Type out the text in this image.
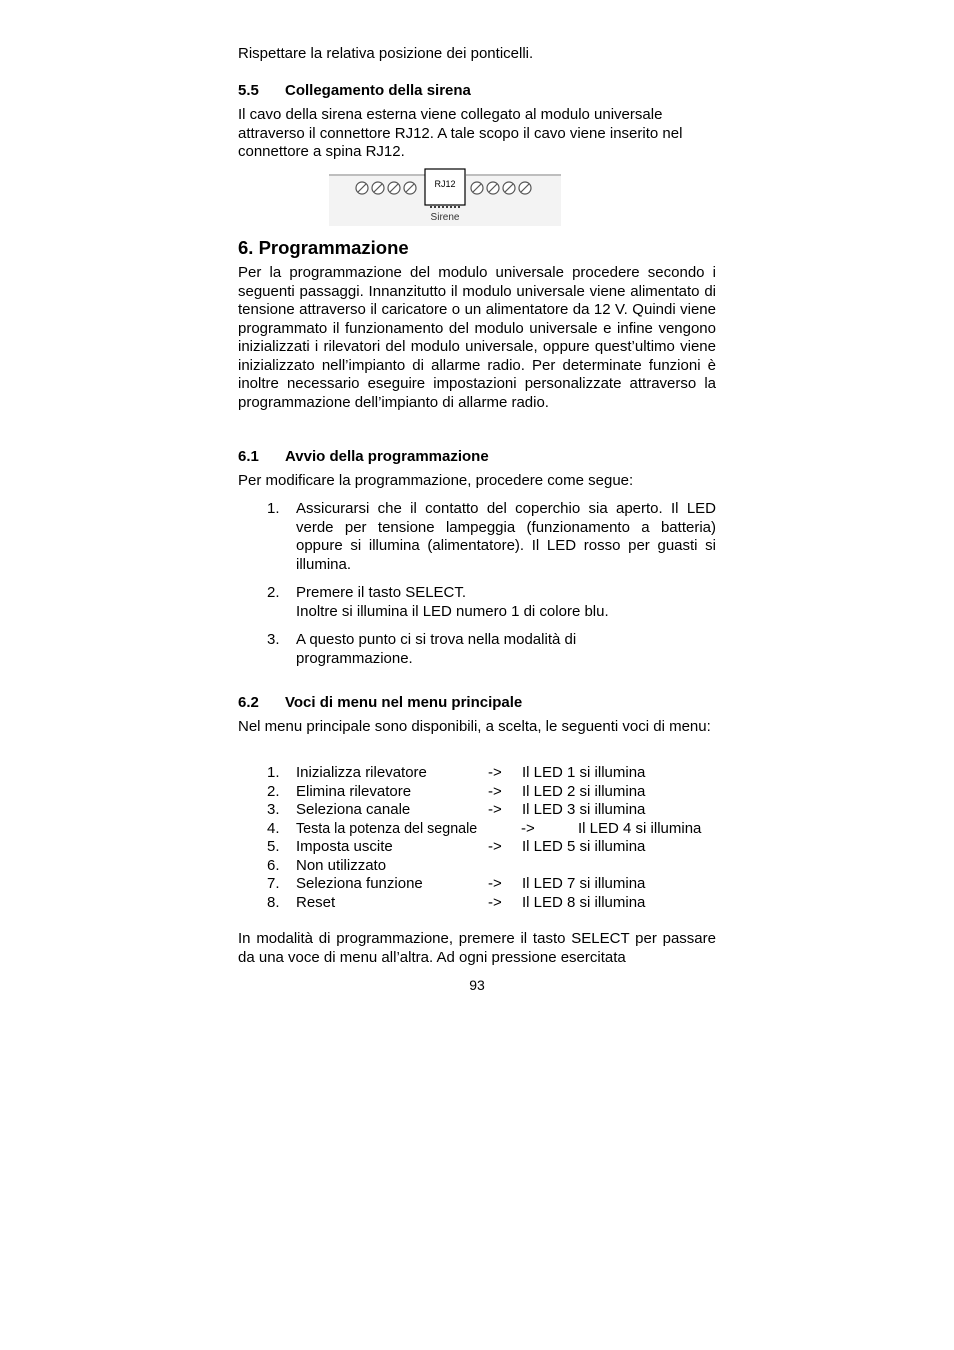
Rispettare la relativa posizione dei ponticelli.

5.5 Collegamento della sirena

Il cavo della sirena esterna viene collegato al modulo universale attraverso il connettore RJ12. A tale scopo il cavo viene inserito nel connettore a spina RJ12.

RJ12
Sirene
6. Programmazione

Per la programmazione del modulo universale procedere secondo i seguenti passaggi. Innanzitutto il modulo universale viene alimentato di tensione attraverso il caricatore o un alimentatore da 12 V. Quindi viene programmato il funzionamento del modulo universale e infine vengono inizializzati i rilevatori del modulo universale, oppure quest’ultimo viene inizializzato nell’impianto di allarme radio. Per determinate funzioni è inoltre necessario eseguire impostazioni personalizzate attraverso la programmazione dell’impianto di allarme radio.

6.1 Avvio della programmazione

Per modificare la programmazione, procedere come segue:

1. Assicurarsi che il contatto del coperchio sia aperto. Il LED verde per tensione lampeggia (funzionamento a batteria) oppure si illumina (alimentatore). Il LED rosso per guasti si illumina.
2. Premere il tasto SELECT.
Inoltre si illumina il LED numero 1 di colore blu.
3. A questo punto ci si trova nella modalità di
programmazione.
6.2 Voci di menu nel menu principale

Nel menu principale sono disponibili, a scelta, le seguenti voci di menu:

1. Inizializza rilevatore	-> Il LED 1 si illumina
2. Elimina rilevatore	-> Il LED 2 si illumina
3. Seleziona canale	-> Il LED 3 si illumina
4. Testa la potenza del segnale	->	Il LED 4 si illumina
5. Imposta uscite	-> Il LED 5 si illumina
6. Non utilizzato
7. Seleziona funzione	-> Il LED 7 si illumina
8. Reset	-> Il LED 8 si illumina

In modalità di programmazione, premere il tasto SELECT per passare da una voce di menu all’altra. Ad ogni pressione esercitata

93
